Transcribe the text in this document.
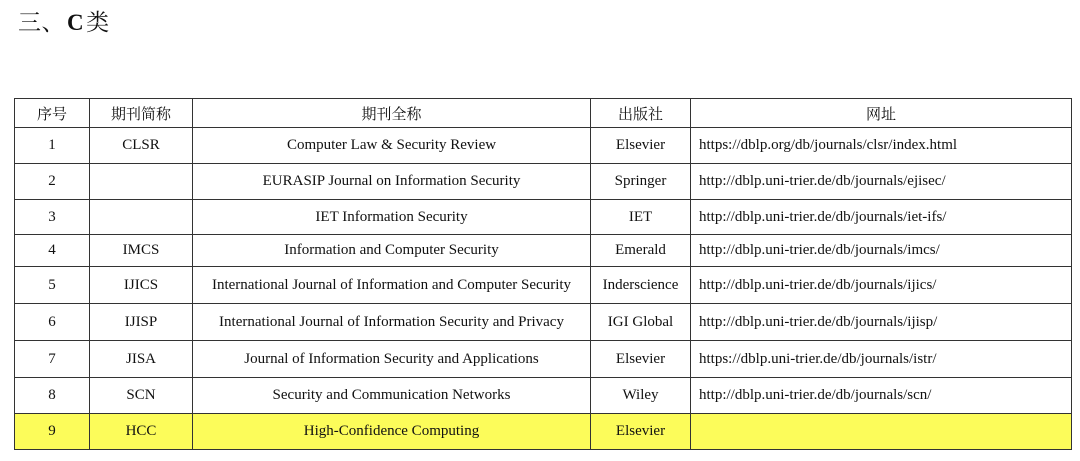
三、 C 类
序号	期刊简称	期刊全称	出版社	网址
1	CLSR	Computer Law & Security Review	Elsevier	https://dblp.org/db/journals/clsr/index.html
2		EURASIP Journal on Information Security	Springer	http://dblp.uni-trier.de/db/journals/ejisec/
3		IET Information Security	IET	http://dblp.uni-trier.de/db/journals/iet-ifs/
4	IMCS	Information and Computer Security	Emerald	http://dblp.uni-trier.de/db/journals/imcs/
5	IJICS	International Journal of Information and Computer Security	Inderscience	http://dblp.uni-trier.de/db/journals/ijics/
6	IJISP	International Journal of Information Security and Privacy	IGI Global	http://dblp.uni-trier.de/db/journals/ijisp/
7	JISA	Journal of Information Security and Applications	Elsevier	https://dblp.uni-trier.de/db/journals/istr/
8	SCN	Security and Communication Networks	Wiley	http://dblp.uni-trier.de/db/journals/scn/
9	HCC	High-Confidence Computing	Elsevier	
